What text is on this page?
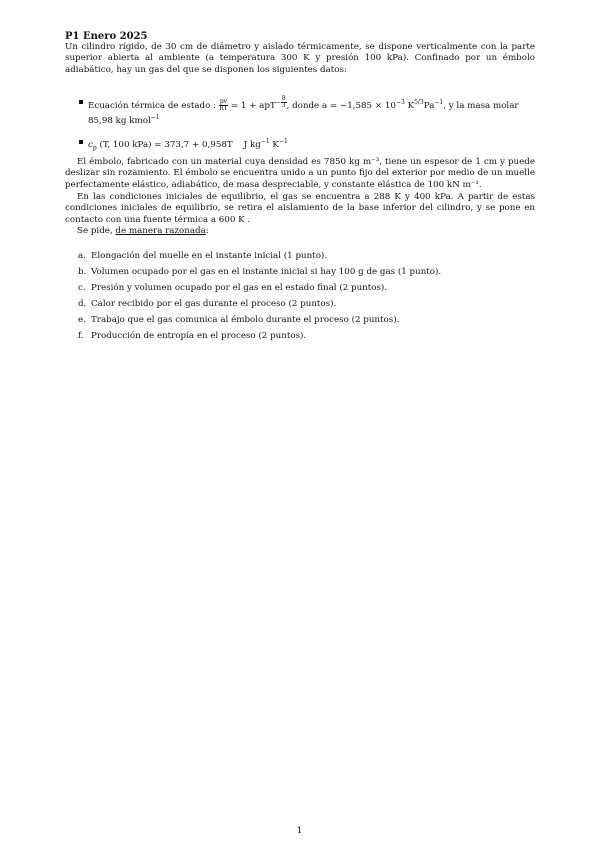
P1 Enero 2025
Un cilindro rígido, de 30 cm de diámetro y aislado térmicamente, se dispone verticalmente con la parte superior abierta al ambiente (a temperatura 300 K y presión 100 kPa). Confinado por un émbolo adiabático, hay un gas del que se disponen los siguientes datos:
Ecuación térmica de estado : $\frac{pv}{RT} = 1 + apT^{- \frac{8}{3}}$ , donde $a = -1,585 \times 10^{-3}$ $K^{5/3}Pa^{-1}$, y la masa molar 85,98 kg kmol$^{-1}$
$c_p$ (T, 100 kPa) = 373,7 + 0,958T J $kg^{-1}$ $K^{-1}$
El émbolo, fabricado con un material cuya densidad es 7850 kg m⁻³, tiene un espesor de 1 cm y puede deslizar sin rozamiento. El émbolo se encuentra unido a un punto fijo del exterior por medio de un muelle perfectamente elástico, adiabático, de masa despreciable, y constante elástica de 100 kN m⁻¹.
En las condiciones iniciales de equilibrio, el gas se encuentra a 288 K y 400 kPa. A partir de estas condiciones iniciales de equilibrio, se retira el aislamiento de la base inferior del cilindro, y se pone en contacto con una fuente térmica a 600 K .
Se pide, de manera razonada:
a. Elongación del muelle en el instante inicial (1 punto).
b. Volumen ocupado por el gas en el instante inicial si hay 100 g de gas (1 punto).
c. Presión y volumen ocupado por el gas en el estado final (2 puntos).
d. Calor recibido por el gas durante el proceso (2 puntos).
e. Trabajo que el gas comunica al émbolo durante el proceso (2 puntos).
f. Producción de entropía en el proceso (2 puntos).
1
